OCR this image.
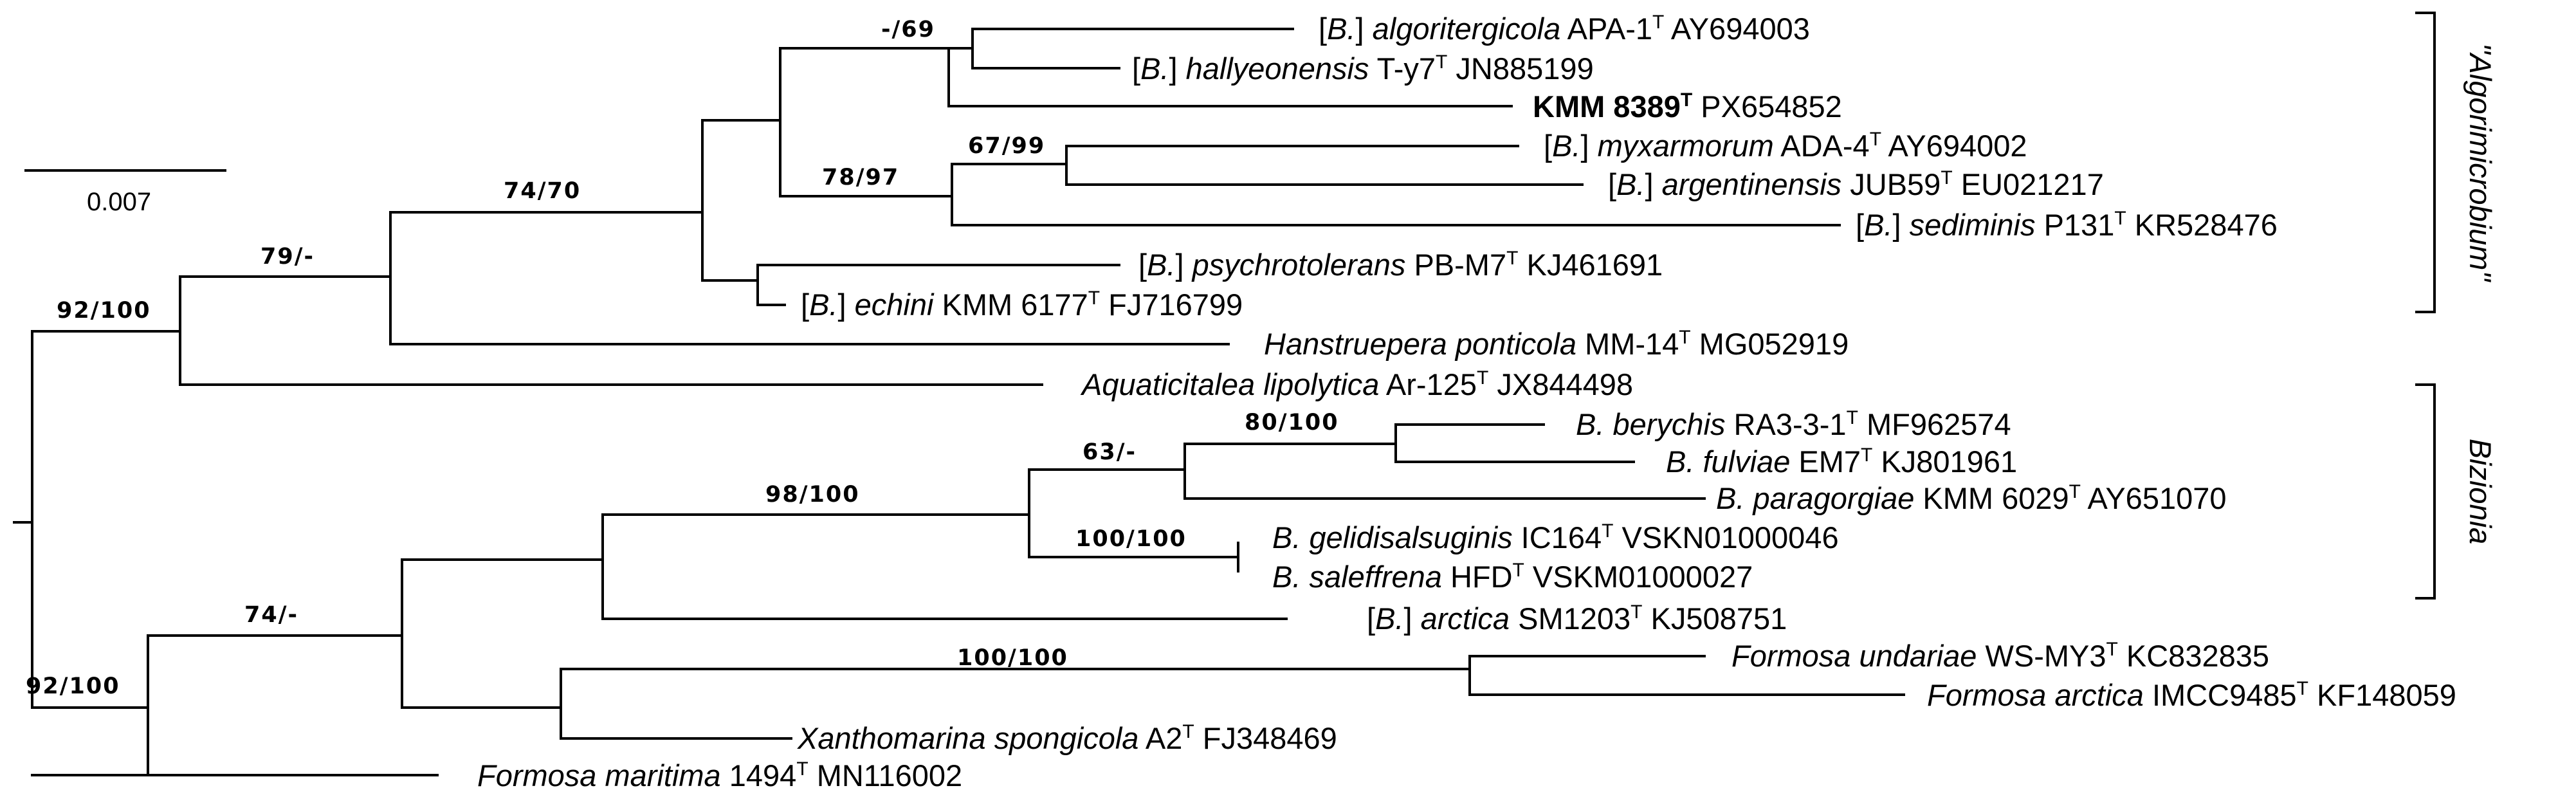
0.007
-/69
67/99
78/97
74/70
79/-
92/100
80/100
63/-
98/100
100/100
74/-
100/100
92/100
[B.] algoritergicola APA-$1^T$ AY694003
[B.] hallyeonensis $T-y7^T$ JN885199
KMM $8389^T$ PX654852
[B.] myxarmorum ADA-$4^T$ AY694002
[B.] argentinensis $JUB59^T$ EU021217
[B.] sediminis $P131^T$ KR528476
[B.] psychrotolerans $PB-M7^T$ KJ461691
[B.] echini KMM $6177^T$ FJ716799
Hanstruepera ponticola $MM-14^T$ MG052919
Aquaticitalea lipolytica $Ar-125^T$ JX844498
B. berychis $RA3-3-1^T$ MF962574
B. fulviae $EM7^T$ KJ801961
B. paragorgiae KMM $6029^T$ AY651070
B. gelidisalsuginis $IC164^T$ VSKN01000046
B. saleffrena $HFD^T$ VSKM01000027
[B.] arctica $SM1203^T$ KJ508751
Formosa undariae $WS-MY3^T$ KC832835
Formosa arctica $IMCC9485^T$ KF148059
Xanthomarina spongicola $A2^T$ FJ348469
Formosa maritima $1494^T$ MN116002
"Algorimicrobium"
Bizionia
